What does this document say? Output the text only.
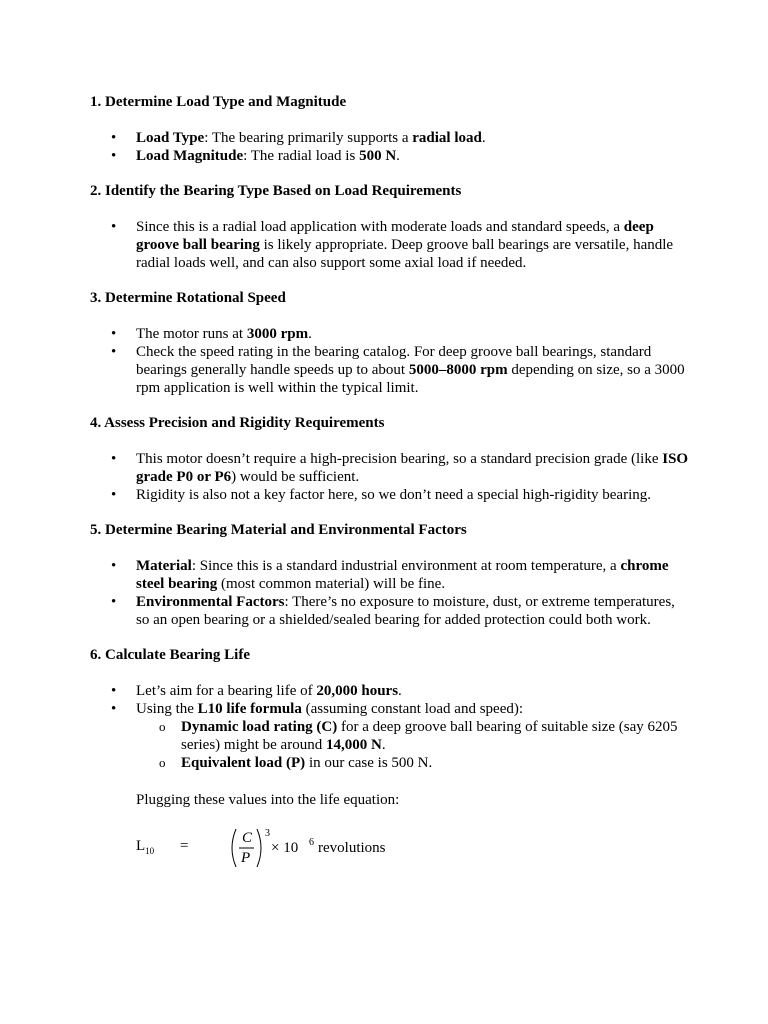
1. Determine Load Type and Magnitude
• Load Type: The bearing primarily supports a radial load.
• Load Magnitude: The radial load is 500 N.
2. Identify the Bearing Type Based on Load Requirements
• Since this is a radial load application with moderate loads and standard speeds, a deep groove ball bearing is likely appropriate. Deep groove ball bearings are versatile, handle radial loads well, and can also support some axial load if needed.
3. Determine Rotational Speed
• The motor runs at 3000 rpm.
• Check the speed rating in the bearing catalog. For deep groove ball bearings, standard bearings generally handle speeds up to about 5000–8000 rpm depending on size, so a 3000 rpm application is well within the typical limit.
4. Assess Precision and Rigidity Requirements
• This motor doesn’t require a high-precision bearing, so a standard precision grade (like ISO grade P0 or P6) would be sufficient.
• Rigidity is also not a key factor here, so we don’t need a special high-rigidity bearing.
5. Determine Bearing Material and Environmental Factors
• Material: Since this is a standard industrial environment at room temperature, a chrome steel bearing (most common material) will be fine.
• Environmental Factors: There’s no exposure to moisture, dust, or extreme temperatures, so an open bearing or a shielded/sealed bearing for added protection could both work.
6. Calculate Bearing Life
• Let’s aim for a bearing life of 20,000 hours.
• Using the L10 life formula (assuming constant load and speed):
o Dynamic load rating (C) for a deep groove ball bearing of suitable size (say 6205 series) might be around 14,000 N.
o Equivalent load (P) in our case is 500 N.
Plugging these values into the life equation:
$L_{10}$ =	C
P
3
× 10 6 revolutions
